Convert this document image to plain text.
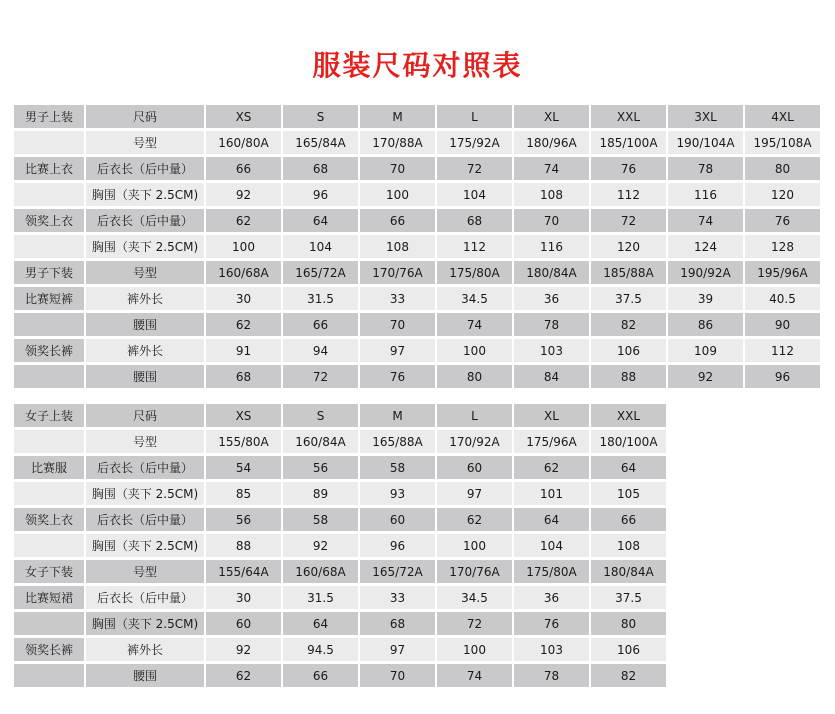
服装尺码对照表
男子上装	尺码	XS	S	M	L	XL	XXL	3XL	4XL
	号型	160/80A	165/84A	170/88A	175/92A	180/96A	185/100A	190/104A	195/108A
比赛上衣	后衣长（后中量）	66	68	70	72	74	76	78	80
	胸围（夹下 2.5CM)	92	96	100	104	108	112	116	120
领奖上衣	后衣长（后中量）	62	64	66	68	70	72	74	76
	胸围（夹下 2.5CM)	100	104	108	112	116	120	124	128
男子下装	号型	160/68A	165/72A	170/76A	175/80A	180/84A	185/88A	190/92A	195/96A
比赛短裤	裤外长	30	31.5	33	34.5	36	37.5	39	40.5
	腰围	62	66	70	74	78	82	86	90
领奖长裤	裤外长	91	94	97	100	103	106	109	112
	腰围	68	72	76	80	84	88	92	96
女子上装	尺码	XS	S	M	L	XL	XXL
	号型	155/80A	160/84A	165/88A	170/92A	175/96A	180/100A
比赛服	后衣长（后中量）	54	56	58	60	62	64
	胸围（夹下 2.5CM)	85	89	93	97	101	105
领奖上衣	后衣长（后中量）	56	58	60	62	64	66
	胸围（夹下 2.5CM)	88	92	96	100	104	108
女子下装	号型	155/64A	160/68A	165/72A	170/76A	175/80A	180/84A
比赛短裙	后衣长（后中量）	30	31.5	33	34.5	36	37.5
	胸围（夹下 2.5CM)	60	64	68	72	76	80
领奖长裤	裤外长	92	94.5	97	100	103	106
	腰围	62	66	70	74	78	82
